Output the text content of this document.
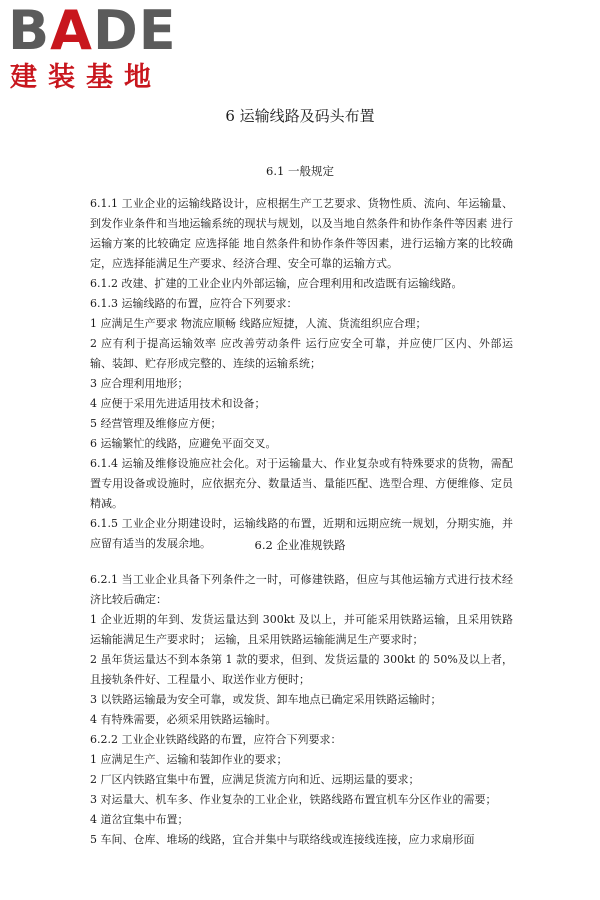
BADE
建装基地
6 运输线路及码头布置
6.1 一般规定

6.1.1 工业企业的运输线路设计，应根据生产工艺要求、货物性质、流向、年运输量、到发作业条件和当地运输系统的现状与规划，以及当地自然条件和协作条件等因素 进行运输方案的比较确定 应选择能 地自然条件和协作条件等因素，进行运输方案的比较确定，应选择能满足生产要求、经济合理、安全可靠的运输方式。

6.1.2 改建、扩建的工业企业内外部运输，应合理利用和改造既有运输线路。

6.1.3 运输线路的布置，应符合下列要求：

1 应满足生产要求 物流应顺畅 线路应短捷，人流、货流组织应合理；

2 应有利于提高运输效率 应改善劳动条件 运行应安全可靠，并应使厂区内、外部运输、装卸、贮存形成完整的、连续的运输系统；

3 应合理利用地形；

4 应便于采用先进适用技术和设备；

5 经营管理及维修应方便；

6 运输繁忙的线路，应避免平面交叉。

6.1.4 运输及维修设施应社会化。对于运输量大、作业复杂或有特殊要求的货物，需配置专用设备或设施时，应依据充分、数量适当、量能匹配、选型合理、方便维修、定员精减。

6.1.5 工业企业分期建设时，运输线路的布置，近期和远期应统一规划，分期实施，并应留有适当的发展余地。	6.2 企业准规铁路

6.2.1 当工业企业具备下列条件之一时，可修建铁路，但应与其他运输方式进行技术经济比较后确定：

1 企业近期的年到、发货运量达到 300kt 及以上，并可能采用铁路运输，且采用铁路运输能满足生产要求时； 运输，且采用铁路运输能满足生产要求时；

2 虽年货运量达不到本条第 1 款的要求，但到、发货运量的 300kt 的 50%及以上者，且接轨条件好、工程量小、取送作业方便时；

3 以铁路运输最为安全可靠，或发货、卸车地点已确定采用铁路运输时；

4 有特殊需要，必须采用铁路运输时。

6.2.2 工业企业铁路线路的布置，应符合下列要求：

1 应满足生产、运输和装卸作业的要求；

2 厂区内铁路宜集中布置，应满足货流方向和近、远期运量的要求；

3 对运量大、机车多、作业复杂的工业企业，铁路线路布置宜机车分区作业的需要；

4 道岔宜集中布置；

5 车间、仓库、堆场的线路，宜合并集中与联络线或连接线连接，应力求扇形面
